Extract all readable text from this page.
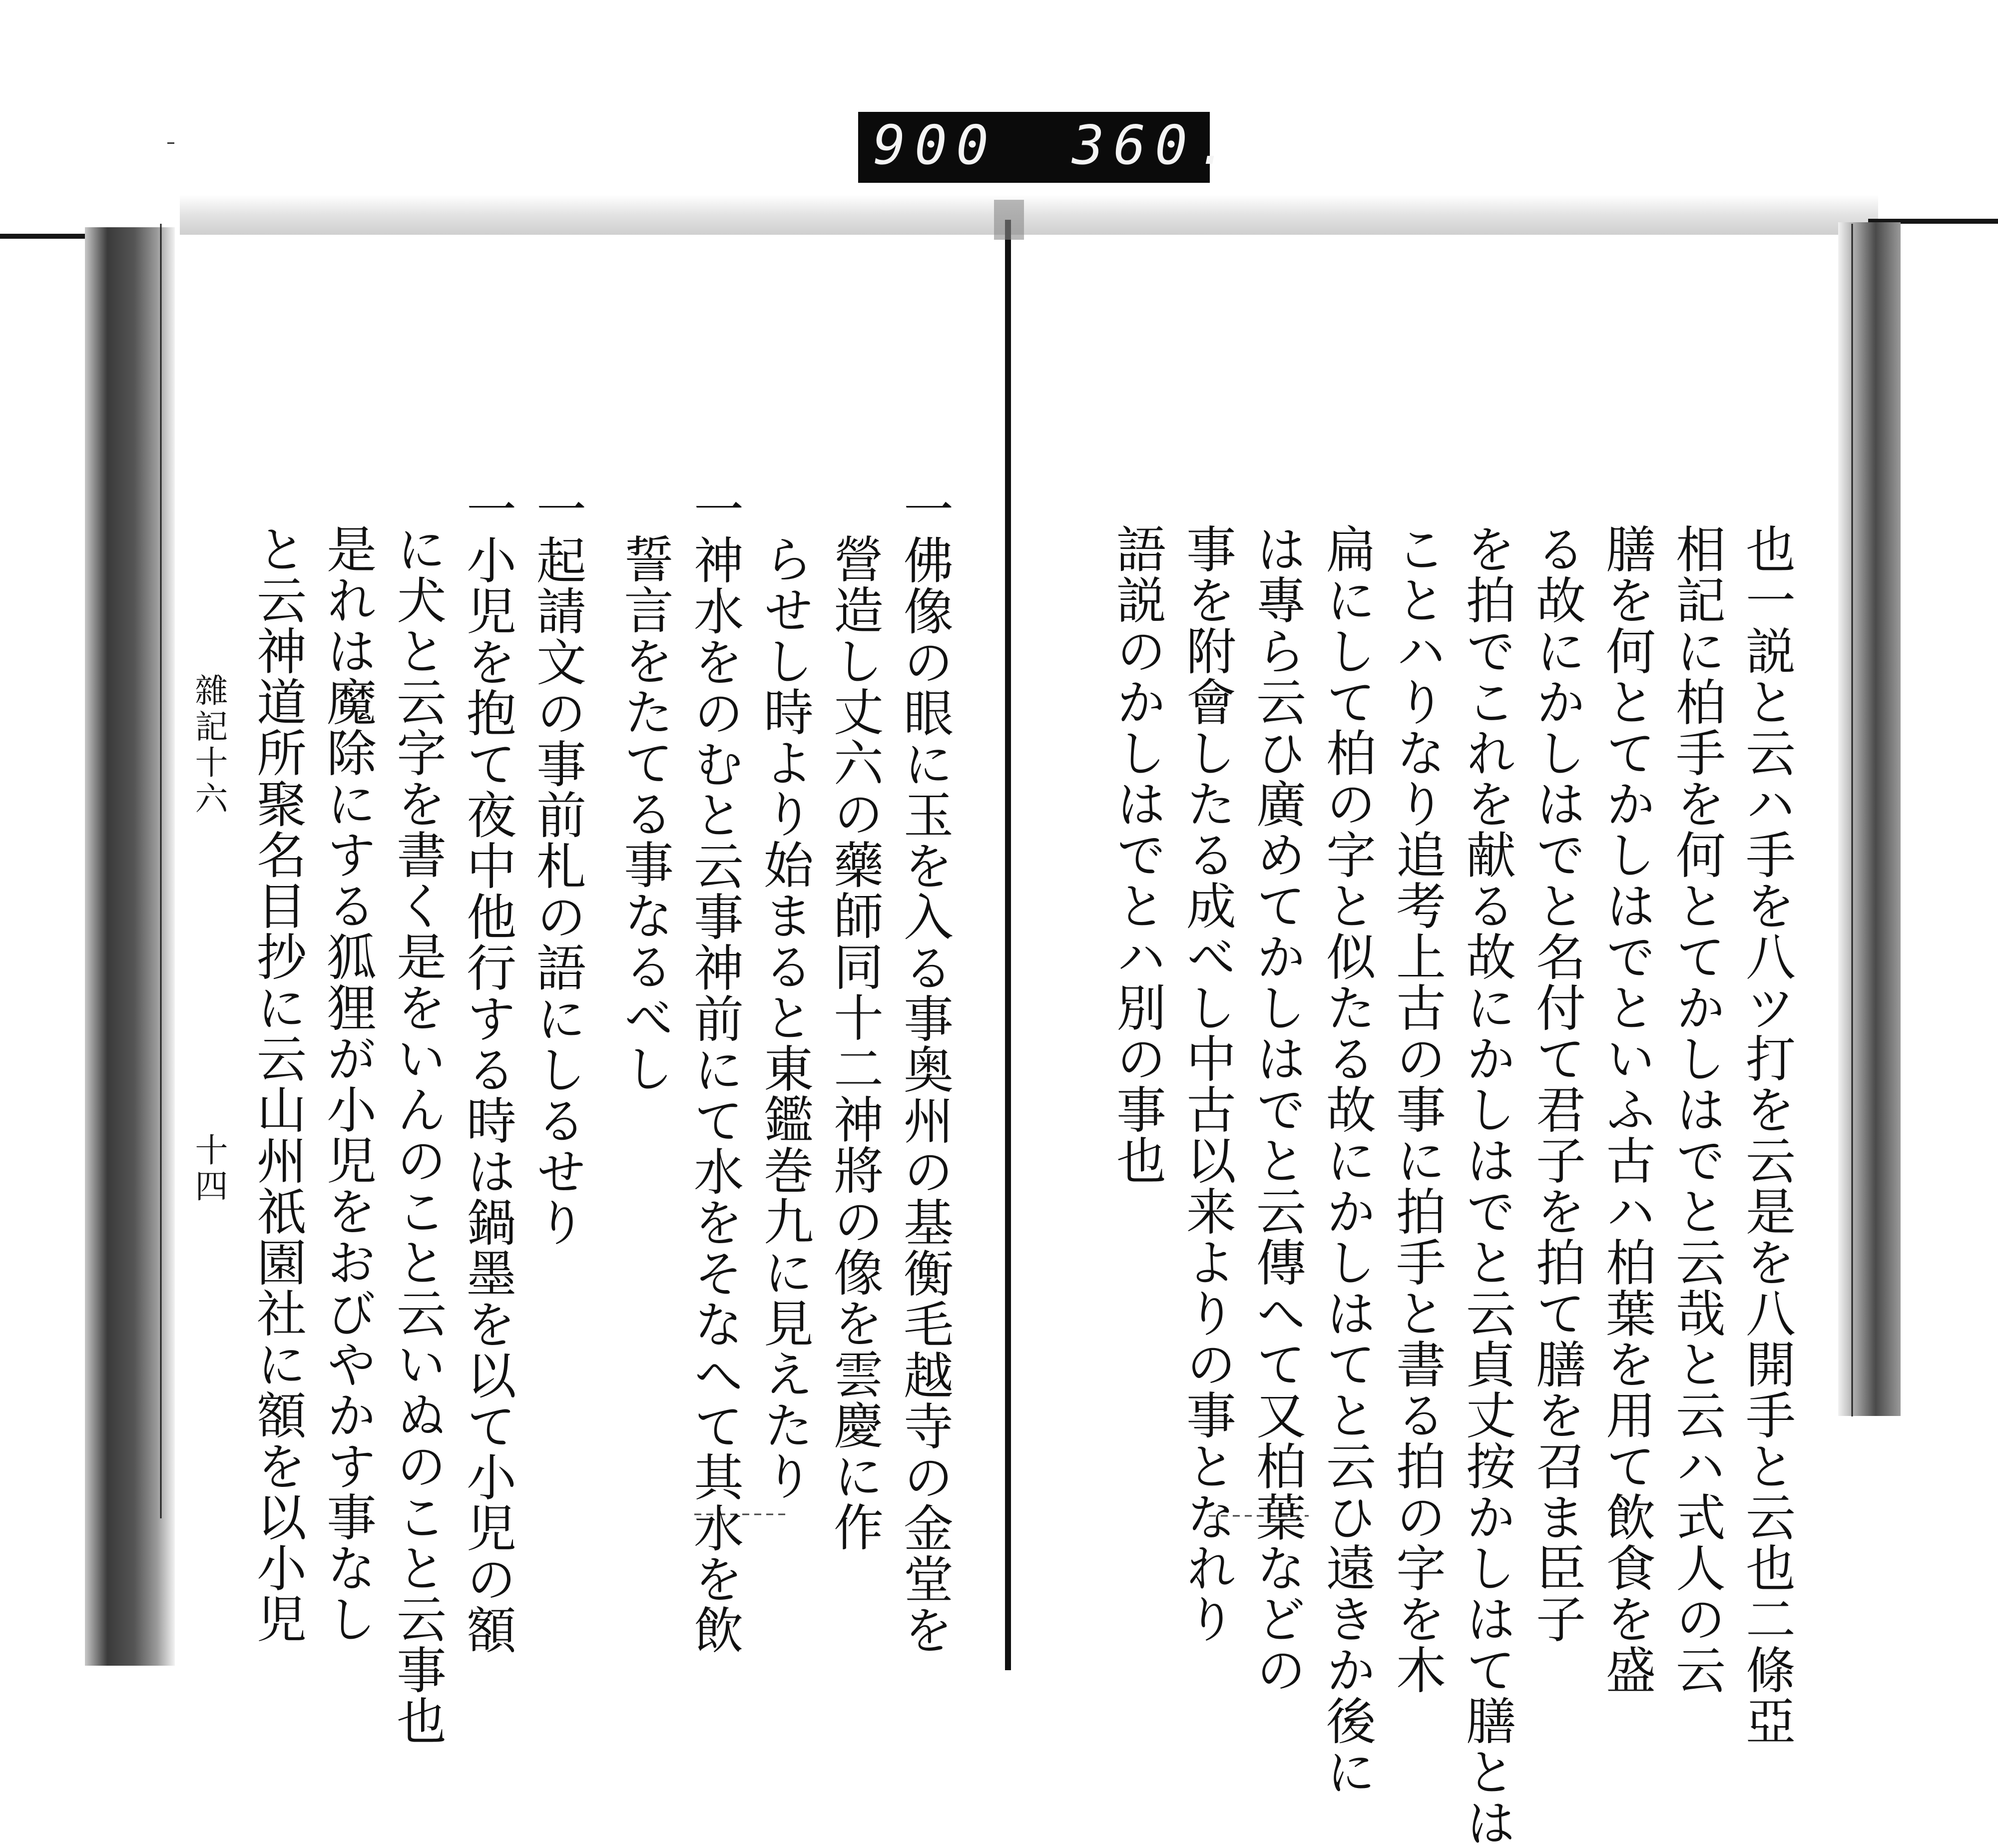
900 360.
一佛像の眼に玉を入る事奥州の基衡毛越寺の金堂を
營造し丈六の藥師同十二神將の像を雲慶に作
らせし時より始まると東鑑巻九に見えたり
一神水をのむと云事神前にて水をそなへて其水を飲
誓言をたてる事なるべし
一起請文の事前札の語にしるせり
一小児を抱て夜中他行する時は鍋墨を以て小児の額
に犬と云字を書く是をいんのこと云いぬのこと云事也
是れは魔除にする狐狸が小児をおびやかす事なし
と云神道所聚名目抄に云山州祇園社に額を以小児
雜記十六
十四	也一説と云ハ手を八ツ打を云是を八開手と云也二條亞
相記に柏手を何とてかしはでと云哉と云ハ式人の云
膳を何とてかしはでといふ古ハ柏葉を用て飲食を盛
る故にかしはでと名付て君子を拍て膳を召ま臣子
を拍でこれを献る故にかしはでと云貞丈按かしはて膳とは
ことハりなり追考上古の事に拍手と書る拍の字を木
扁にして柏の字と似たる故にかしはてと云ひ遠きか後に
は專ら云ひ廣めてかしはでと云傳へて又柏葉などの
事を附會したる成べし中古以来よりの事となれり
語説のかしはでとハ別の事也
